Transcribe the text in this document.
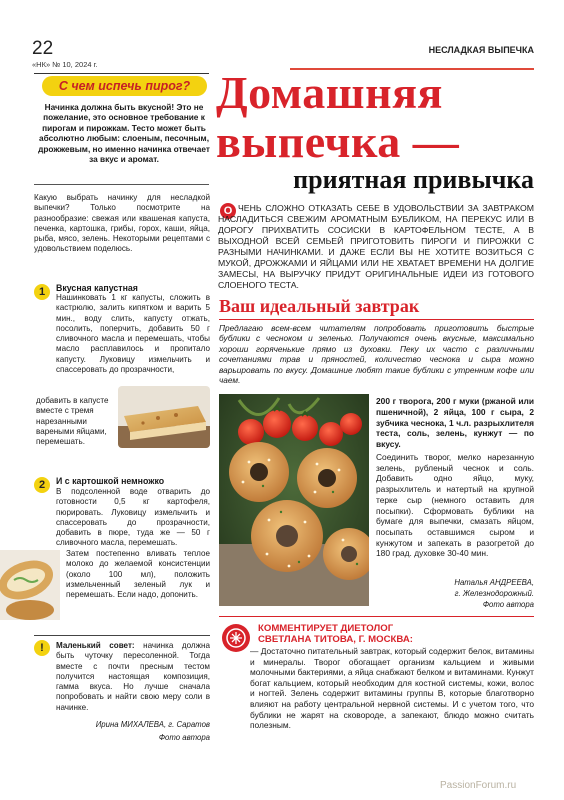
22
«НК» № 10, 2024 г.
НЕСЛАДКАЯ ВЫПЕЧКА
С чем испечь пирог?

Начинка должна быть вкусной! Это не пожелание, это основное требование к пирогам и пирожкам. Тесто может быть абсолютно любым: слоеным, песочным, дрожжевым, но именно начинка отвечает за вкус и аромат.

Какую выбрать начинку для несладкой выпечки? Только посмотрите на разнообразие: свежая или квашеная капуста, печенка, картошка, грибы, горох, каши, яйца, рыба, мясо, зелень. Некоторыми рецептами с удовольствием поделюсь.

1	Вкусная капустная

Нашинковать 1 кг капусты, сложить в кастрюлю, залить кипятком и варить 5 мин., воду слить, капусту отжать, посолить, поперчить, добавить 50 г сливочного масла и перемешать, чтобы масло расплавилось и пропитало капусту. Луковицу измельчить и спассеровать до прозрачности,

добавить в капусте вместе с тремя нарезанными вареными яйцами, перемешать.

2	И с картошкой немножко

В подсоленной воде отварить до готовности 0,5 кг картофеля, пюрировать. Луковицу измельчить и спассеровать до прозрачности, добавить в пюре, туда же — 50 г сливочного масла, перемешать.

Затем постепенно вливать теплое молоко до желаемой консистенции (около 100 мл), положить измельченный зеленый лук и перемешать. Если надо, допонить.

!	Маленький совет: начинка должна быть чуточку пересоленной. Тогда вместе с почти пресным тестом получится настоящая композиция, гамма вкуса. Но лучше сначала попробовать и найти свою меру соли в начинке.

Ирина МИХАЛЕВА, г. Саратов
Фото автора
Домашняя
выпечка —
приятная привычка
О ЧЕНЬ СЛОЖНО ОТКАЗАТЬ СЕБЕ В УДОВОЛЬСТВИИ ЗА ЗАВТРАКОМ НАСЛАДИТЬСЯ СВЕЖИМ АРОМАТНЫМ БУБЛИКОМ, НА ПЕРЕКУС ИЛИ В ДОРОГУ ПРИХВАТИТЬ СОСИСКИ В КАРТОФЕЛЬНОМ ТЕСТЕ, А В ВЫХОДНОЙ ВСЕЙ СЕМЬЕЙ ПРИГОТОВИТЬ ПИРОГИ И ПИРОЖКИ С РАЗНЫМИ НАЧИНКАМИ. И ДАЖЕ ЕСЛИ ВЫ НЕ ХОТИТЕ ВОЗИТЬСЯ С МУКОЙ, ДРОЖЖАМИ И ЯЙЦАМИ ИЛИ НЕ ХВАТАЕТ ВРЕМЕНИ НА ДОЛГИЕ ЗАМЕСЫ, НА ВЫРУЧКУ ПРИДУТ ОРИГИНАЛЬНЫЕ ИДЕИ ИЗ ГОТОВОГО СЛОЕНОГО ТЕСТА.

Ваш идеальный завтрак

Предлагаю всем-всем читателям попробовать приготовить быстрые бублики с чесноком и зеленью. Получаются очень вкусные, максимально хороши горяченькие прямо из духовки. Пеку их часто с различными сочетаниями трав и пряностей, количество чеснока и сыра можно варьировать по вкусу. Домашние любят такие бублики с утренним кофе или чаем.

200 г творога, 200 г муки (ржаной или пшеничной), 2 яйца, 100 г сыра, 2 зубчика чеснока, 1 ч.л. разрыхлителя теста, соль, зелень, кунжут — по вкусу.

Соединить творог, мелко нарезанную зелень, рубленый чеснок и соль. Добавить одно яйцо, муку, разрыхлитель и натертый на крупной терке сыр (немного оставить для посыпки). Сформовать бублики на бумаге для выпечки, смазать яйцом, посыпать оставшимся сыром и кунжутом и запекать в разогретой до 180 град. духовке 30-40 мин.

Наталья АНДРЕЕВА,
г. Железнодорожный.
Фото автора
КОММЕНТИРУЕТ ДИЕТОЛОГ
СВЕТЛАНА ТИТОВА, Г. МОСКВА:

— Достаточно питательный завтрак, который содержит белок, витамины и минералы. Творог обогащает организм кальцием и живыми молочными бактериями, а яйца снабжают белком и витаминами. Кунжут богат кальцием, который необходим для костной системы, кожи, волос и ногтей. Зелень содержит витамины группы В, которые благотворно влияют на работу центральной нервной системы. И с учетом того, что бублики не жарят на сковороде, а запекают, блюдо можно считать полезным.

PassionForum.ru
